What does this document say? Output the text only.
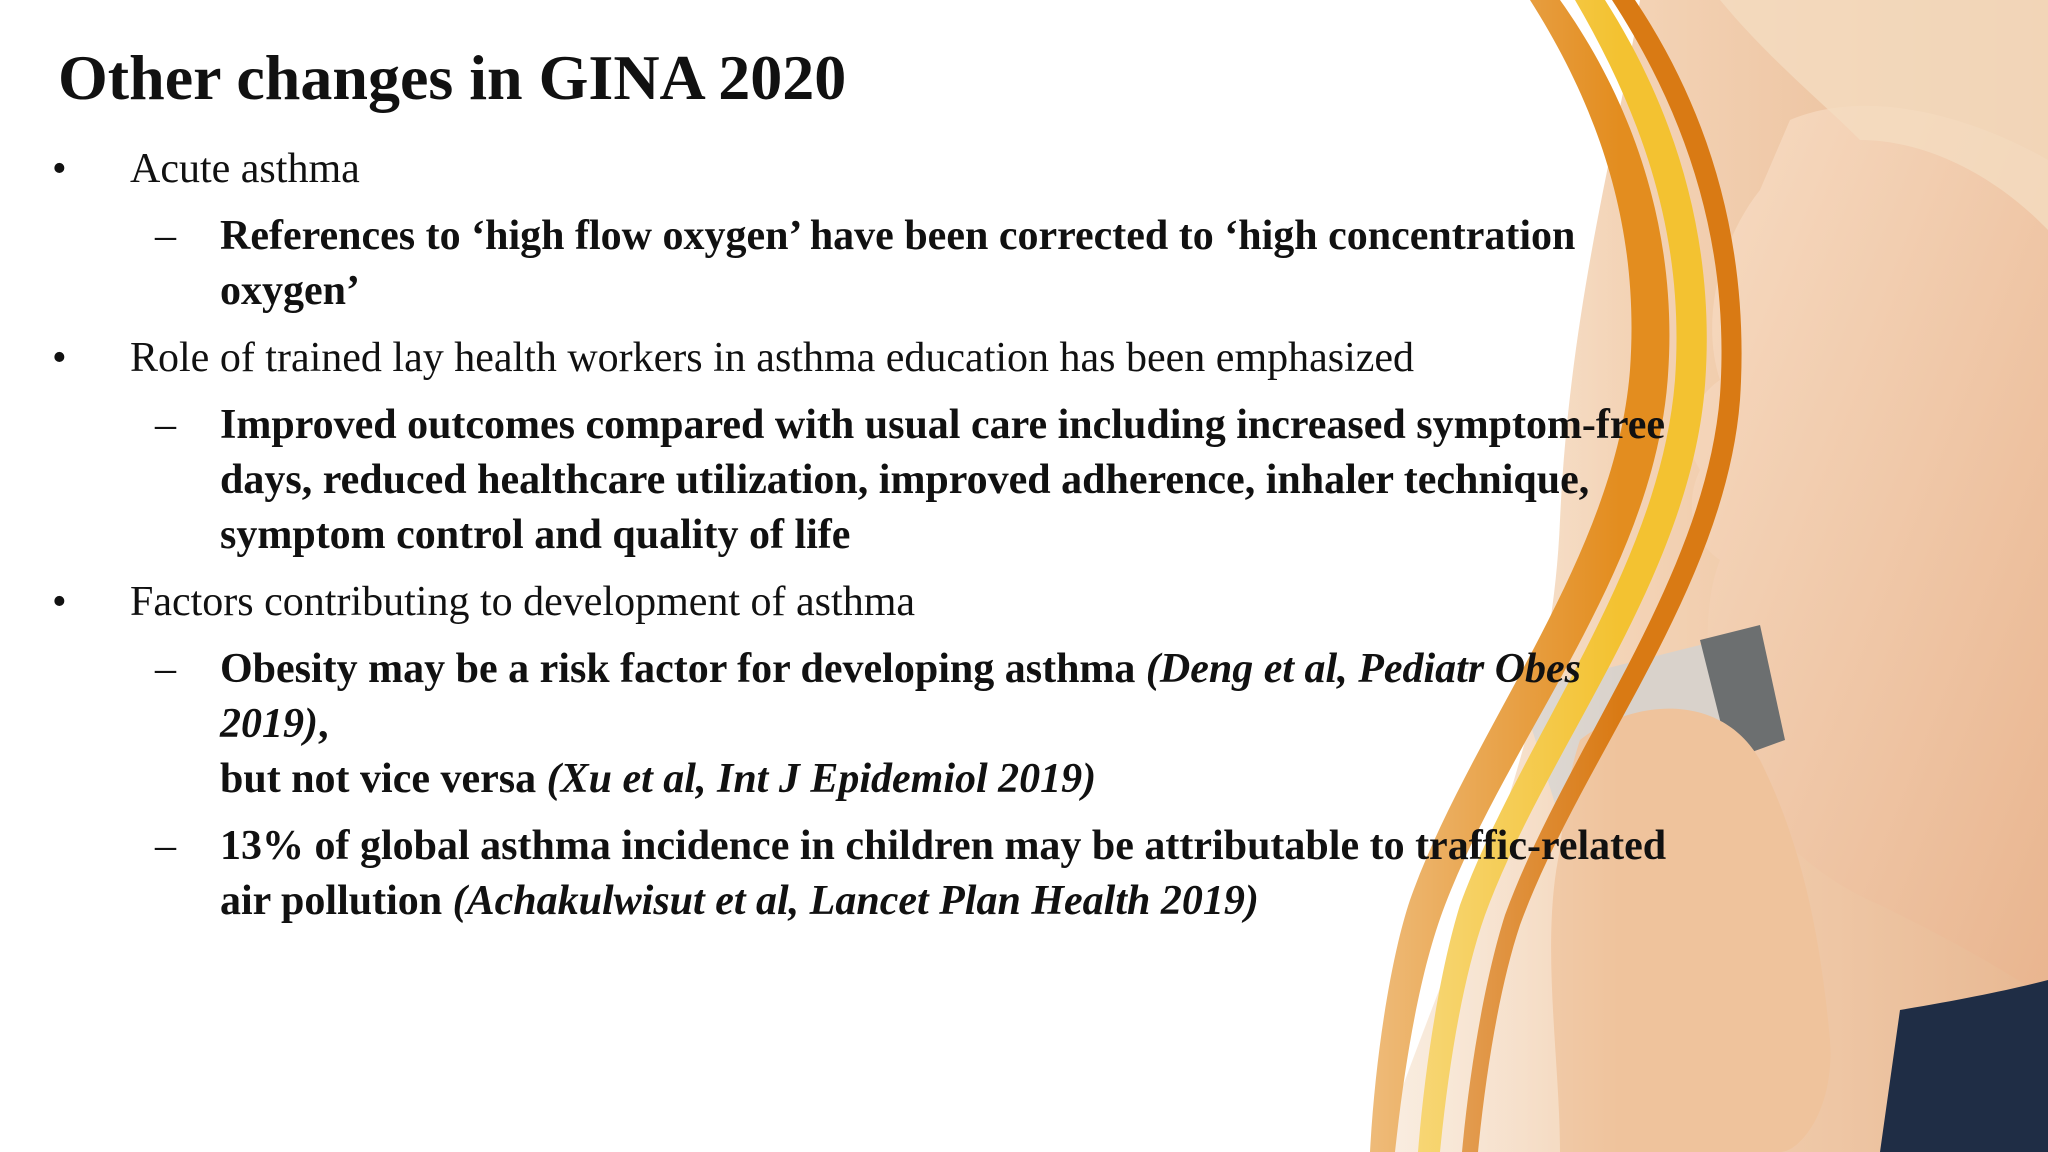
Other changes in GINA 2020
• Acute asthma
– References to ‘high flow oxygen’ have been corrected to ‘high concentration
oxygen’
• Role of trained lay health workers in asthma education has been emphasized
– Improved outcomes compared with usual care including increased symptom-free
days, reduced healthcare utilization, improved adherence, inhaler technique,
symptom control and quality of life
• Factors contributing to development of asthma
– Obesity may be a risk factor for developing asthma (Deng et al, Pediatr Obes
2019),
but not vice versa (Xu et al, Int J Epidemiol 2019)
– 13% of global asthma incidence in children may be attributable to traffic-related
air pollution (Achakulwisut et al, Lancet Plan Health 2019)
